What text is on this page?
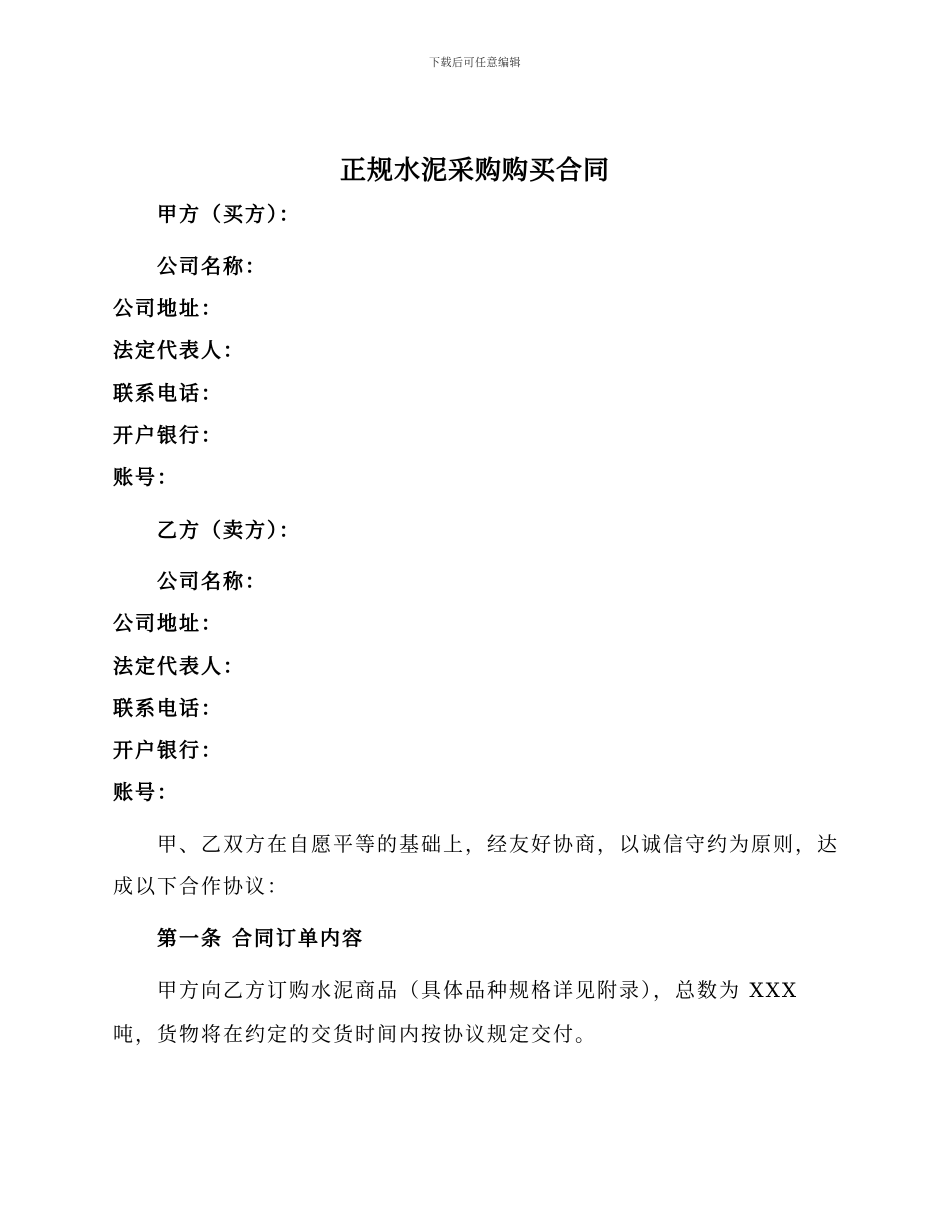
下载后可任意编辑
正规水泥采购购买合同
甲方（买方）：
公司名称：
公司地址：
法定代表人：
联系电话：
开户银行：
账号：
乙方（卖方）：
公司名称：
公司地址：
法定代表人：
联系电话：
开户银行：
账号：
甲、乙双方在自愿平等的基础上，经友好协商，以诚信守约为原则，达
成以下合作协议：
第一条 合同订单内容
甲方向乙方订购水泥商品（具体品种规格详见附录），总数为 XXX
吨，货物将在约定的交货时间内按协议规定交付。
